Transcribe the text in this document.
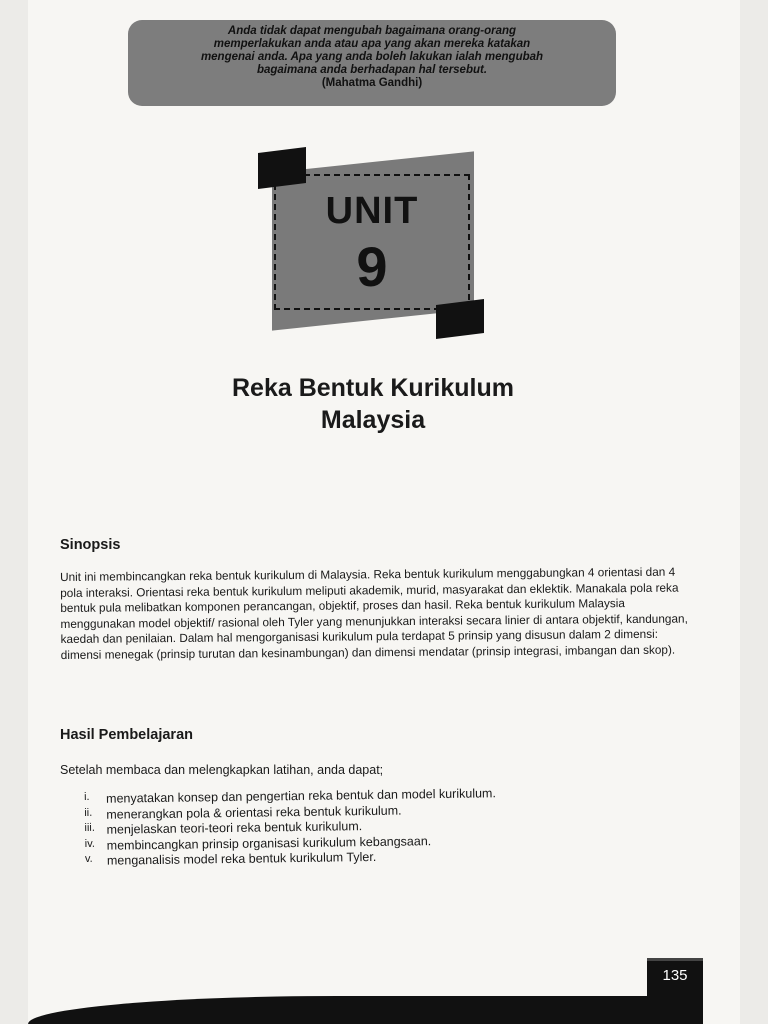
Anda tidak dapat mengubah bagaimana orang-orang
memperlakukan anda atau apa yang akan mereka katakan
mengenai anda. Apa yang anda boleh lakukan ialah mengubah
bagaimana anda berhadapan hal tersebut.
(Mahatma Gandhi)
UNIT
9
Reka Bentuk Kurikulum
Malaysia
Sinopsis

Unit ini membincangkan reka bentuk kurikulum di Malaysia. Reka bentuk kurikulum menggabungkan 4 orientasi dan 4 pola interaksi. Orientasi reka bentuk kurikulum meliputi akademik, murid, masyarakat dan eklektik. Manakala pola reka bentuk pula melibatkan komponen perancangan, objektif, proses dan hasil. Reka bentuk kurikulum Malaysia menggunakan model objektif/ rasional oleh Tyler yang menunjukkan interaksi secara linier di antara objektif, kandungan, kaedah dan penilaian. Dalam hal mengorganisasi kurikulum pula terdapat 5 prinsip yang disusun dalam 2 dimensi: dimensi menegak (prinsip turutan dan kesinambungan) dan dimensi mendatar (prinsip integrasi, imbangan dan skop).

Hasil Pembelajaran
Setelah membaca dan melengkapkan latihan, anda dapat;
i. menyatakan konsep dan pengertian reka bentuk dan model kurikulum.
ii. menerangkan pola & orientasi reka bentuk kurikulum.
iii. menjelaskan teori-teori reka bentuk kurikulum.
iv. membincangkan prinsip organisasi kurikulum kebangsaan.
v. menganalisis model reka bentuk kurikulum Tyler.
135
